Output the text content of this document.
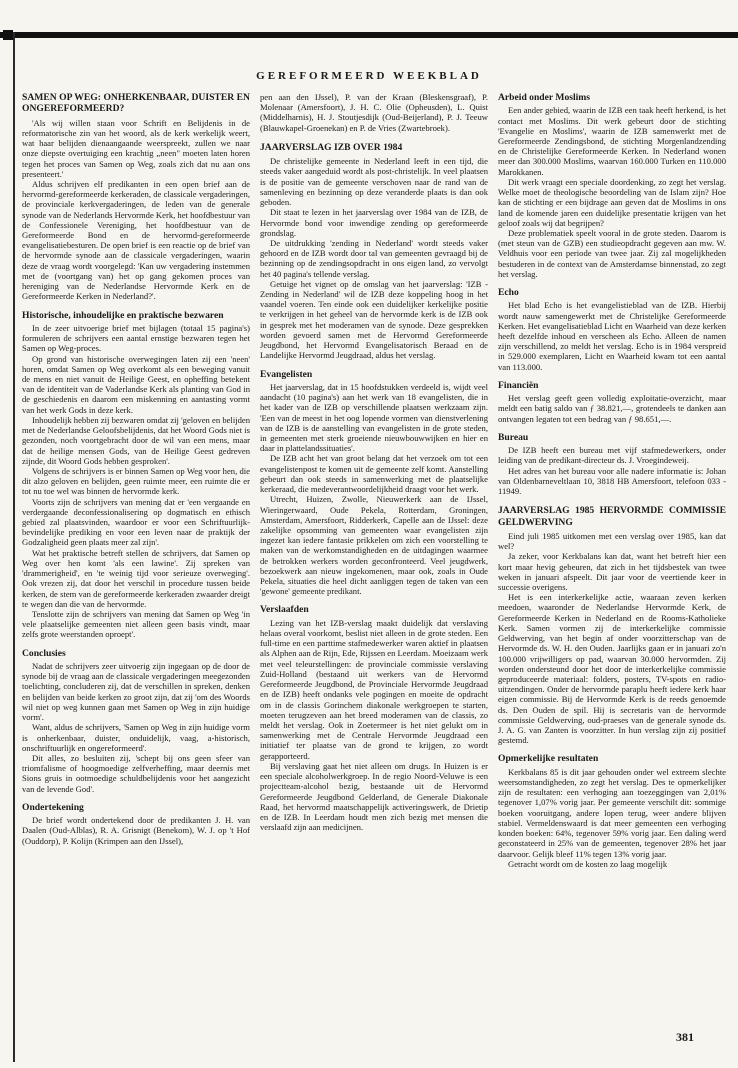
GEREFORMEERD WEEKBLAD
SAMEN OP WEG: ONHERKENBAAR, DUISTER EN ONGEREFORMEERD?

'Als wij willen staan voor Schrift en Belijdenis in de reformatorische zin van het woord, als de kerk werkelijk weert, wat haar belijden dienaangaande weerspreekt, zullen we naar onze diepste overtuiging een krachtig „neen" moeten laten horen tegen het proces van Samen op Weg, zoals zich dat nu aan ons presenteert.'

Aldus schrijven elf predikanten in een open brief aan de hervormd-gereformeerde kerkeraden, de classicale vergaderingen, de provinciale kerkvergaderingen, de leden van de generale synode van de Nederlands Hervormde Kerk, het hoofdbestuur van de Confessionele Vereniging, het hoofdbestuur van de Gereformeerde Bond en de hervormd-gereformeerde evangelisatiebesturen. De open brief is een reactie op de brief van de hervormde synode aan de classicale vergaderingen, waarin deze de vraag wordt voorgelegd: 'Kan uw vergadering instemmen met de (voortgang van) het op gang gekomen proces van hereniging van de Nederlandse Hervormde Kerk en de Gereformeerde Kerken in Nederland?'.

Historische, inhoudelijke en praktische bezwaren

In de zeer uitvoerige brief met bijlagen (totaal 15 pagina's) formuleren de schrijvers een aantal ernstige bezwaren tegen het Samen op Weg-proces.

Op grond van historische overwegingen laten zij een 'neen' horen, omdat Samen op Weg overkomt als een beweging vanuit de mens en niet vanuit de Heilige Geest, en opheffing betekent van de identiteit van de Vaderlandse Kerk als planting van God in de geschiedenis en daarom een miskenning en aantasting vormt van het werk Gods in deze kerk.

Inhoudelijk hebben zij bezwaren omdat zij 'geloven en belijden met de Nederlandse Geloofsbelijdenis, dat het Woord Gods niet is gezonden, noch voortgebracht door de wil van een mens, maar dat de heilige mensen Gods, van de Heilige Geest gedreven zijnde, dit Woord Gods hebben gesproken'.

Volgens de schrijvers is er binnen Samen op Weg voor hen, die dit alzo geloven en belijden, geen ruimte meer, een ruimte die er tot nu toe wel was binnen de hervormde kerk.

Voorts zijn de schrijvers van mening dat er 'een vergaande en verdergaande deconfessionalisering op dogmatisch en ethisch gebied zal plaatsvinden, waardoor er voor een Schriftuurlijk-bevindelijke prediking en voor een leven naar de praktijk der Godzaligheid geen plaats meer zal zijn'.

Wat het praktische betreft stellen de schrijvers, dat Samen op Weg over hen komt 'als een lawine'. Zij spreken van 'drammerigheid', en 'te weinig tijd voor serieuze overweging'. Ook vrezen zij, dat door het verschil in procedure tussen beide kerken, de stem van de gereformeerde kerkeraden zwaarder dreigt te wegen dan die van de hervormde.

Tenslotte zijn de schrijvers van mening dat Samen op Weg 'in vele plaatselijke gemeenten niet alleen geen basis vindt, maar zelfs grote weerstanden oproept'.

Conclusies

Nadat de schrijvers zeer uitvoerig zijn ingegaan op de door de synode bij de vraag aan de classicale vergaderingen meegezonden toelichting, concluderen zij, dat de verschillen in spreken, denken en belijden van beide kerken zo groot zijn, dat zij 'om des Woords wil niet op weg kunnen gaan met Samen op Weg in zijn huidige vorm'.

Want, aldus de schrijvers, 'Samen op Weg in zijn huidige vorm is onherkenbaar, duister, onduidelijk, vaag, a-historisch, onschriftuurlijk en ongereformeerd'.

Dit alles, zo besluiten zij, 'schept bij ons geen sfeer van triomfalisme of hoogmoedige zelfverheffing, maar deernis met Sions gruis in ootmoedige schuldbelijdenis voor het aangezicht van de levende God'.

Ondertekening

De brief wordt ondertekend door de predikanten J. H. van Daalen (Oud-Alblas), R. A. Grisnigt (Benekom), W. J. op 't Hof (Ouddorp), P. Kolijn (Krimpen aan den IJssel),

pen aan den IJssel), P. van der Kraan (Bleskensgraaf), P. Molenaar (Amersfoort), J. H. C. Olie (Opheusden), L. Quist (Middelharnis), H. J. Stoutjesdijk (Oud-Beijerland), P. J. Teeuw (Blauwkapel-Groenekan) en P. de Vries (Zwartebroek).

JAARVERSLAG IZB OVER 1984

De christelijke gemeente in Nederland leeft in een tijd, die steeds vaker aangeduid wordt als post-christelijk. In veel plaatsen is de positie van de gemeente verschoven naar de rand van de samenleving en bezinning op deze veranderde plaats is dan ook geboden.

Dit staat te lezen in het jaarverslag over 1984 van de IZB, de Hervormde bond voor inwendige zending op gereformeerde grondslag.

De uitdrukking 'zending in Nederland' wordt steeds vaker gehoord en de IZB wordt door tal van gemeenten gevraagd bij de bezinning op de zendingsopdracht in ons eigen land, zo vervolgt het 40 pagina's tellende verslag.

Getuige het vignet op de omslag van het jaarverslag: 'IZB - Zending in Nederland' wil de IZB deze koppeling hoog in het vaandel voeren. Ten einde ook een duidelijker kerkelijke positie te verkrijgen in het geheel van de hervormde kerk is de IZB ook in gesprek met het moderamen van de synode. Deze gesprekken worden gevoerd samen met de Hervormd Gereformeerde Jeugdbond, het Hervormd Evangelisatorisch Beraad en de Landelijke Hervormd Jeugdraad, aldus het verslag.

Evangelisten

Het jaarverslag, dat in 15 hoofdstukken verdeeld is, wijdt veel aandacht (10 pagina's) aan het werk van 18 evangelisten, die in het kader van de IZB op verschillende plaatsen werkzaam zijn. 'Een van de meest in het oog lopende vormen van dienstverlening van de IZB is de aanstelling van evangelisten in de grote steden, in gemeenten met sterk groeiende nieuwbouwwijken en hier en daar in plattelandssituaties'.

De IZB acht het van groot belang dat het verzoek om tot een evangelistenpost te komen uit de gemeente zelf komt. Aanstelling gebeurt dan ook steeds in samenwerking met de plaatselijke kerkeraad, die medeverantwoordelijkheid draagt voor het werk.

Utrecht, Huizen, Zwolle, Nieuwerkerk aan de IJssel, Wieringerwaard, Oude Pekela, Rotterdam, Groningen, Amsterdam, Amersfoort, Ridderkerk, Capelle aan de IJssel: deze zakelijke opsomming van gemeenten waar evangelisten zijn ingezet kan iedere fantasie prikkelen om zich een voorstelling te maken van de werkomstandigheden en de uitdagingen waarmee de betrokken werkers worden geconfronteerd. Veel jeugdwerk, bezoekwerk aan nieuw ingekomenen, maar ook, zoals in Oude Pekela, situaties die heel dicht aanliggen tegen de taken van een 'gewone' gemeente predikant.

Verslaafden

Lezing van het IZB-verslag maakt duidelijk dat verslaving helaas overal voorkomt, beslist niet alleen in de grote steden. Een full-time en een parttime stafmedewerker waren aktief in plaatsen als Alphen aan de Rijn, Ede, Rijssen en Leerdam. Moeizaam werk met veel teleurstellingen: de provinciale commissie verslaving Zuid-Holland (bestaand uit werkers van de Hervormd Gereformeerde Jeugdbond, de Provinciale Hervormde Jeugdraad en de IZB) heeft ondanks vele pogingen en moeite de opdracht om in de classis Gorinchem diakonale werkgroepen te starten, moeten terugzeven aan het breed moderamen van de classis, zo meldt het verslag. Ook in Zoetermeer is het niet gelukt om in samenwerking met de Centrale Hervormde Jeugdraad een initiatief ter plaatse van de grond te krijgen, zo wordt gerapporteerd.

Bij verslaving gaat het niet alleen om drugs. In Huizen is er een speciale alcoholwerkgroep. In de regio Noord-Veluwe is een projectteam-alcohol bezig, bestaande uit de Hervormd Gereformeerde Jeugdbond Gelderland, de Generale Diakonale Raad, het hervormd maatschappelijk activeringswerk, de Drietip en de IZB. In Leerdam houdt men zich bezig met mensen die verslaafd zijn aan medicijnen.

Arbeid onder Moslims

Een ander gebied, waarin de IZB een taak heeft herkend, is het contact met Moslims. Dit werk gebeurt door de stichting 'Evangelie en Moslims', waarin de IZB samenwerkt met de Gereformeerde Zendingsbond, de stichting Morgenlandzending en de Christelijke Gereformeerde Kerken. In Nederland wonen meer dan 300.000 Moslims, waarvan 160.000 Turken en 110.000 Marokkanen.

Dit werk vraagt een speciale doordenking, zo zegt het verslag. Welke moet de theologische beoordeling van de Islam zijn? Hoe kan de stichting er een bijdrage aan geven dat de Moslims in ons land de komende jaren een duidelijke presentatie krijgen van het geloof zoals wij dat begrijpen?

Deze problematiek speelt vooral in de grote steden. Daarom is (met steun van de GZB) een studieopdracht gegeven aan mw. W. Veldhuis voor een periode van twee jaar. Zij zal mogelijkheden bestuderen in de context van de Amsterdamse binnenstad, zo zegt het verslag.

Echo

Het blad Echo is het evangelistieblad van de IZB. Hierbij wordt nauw samengewerkt met de Christelijke Gereformeerde Kerken. Het evangelisatieblad Licht en Waarheid van deze kerken heeft dezelfde inhoud en verscheen als Echo. Alleen de namen zijn verschillend, zo meldt het verslag. Echo is in 1984 verspreid in 529.000 exemplaren, Licht en Waarheid kwam tot een aantal van 113.000.

Financiën

Het verslag geeft geen volledig exploitatie-overzicht, maar meldt een batig saldo van ƒ 38.821,—, grotendeels te danken aan ontvangen legaten tot een bedrag van ƒ 98.651,—.

Bureau

De IZB heeft een bureau met vijf stafmedewerkers, onder leiding van de predikant-directeur ds. J. Vroegindeweij.

Het adres van het bureau voor alle nadere informatie is: Johan van Oldenbarneveltlaan 10, 3818 HB Amersfoort, telefoon 033 - 11949.

JAARVERSLAG 1985 HERVORMDE COMMISSIE GELDWERVING

Eind juli 1985 uitkomen met een verslag over 1985, kan dat wel?

Ja zeker, voor Kerkbalans kan dat, want het betreft hier een kort maar hevig gebeuren, dat zich in het tijdsbestek van twee weken in januari afspeelt. Dit jaar voor de veertiende keer in successie overigens.

Het is een interkerkelijke actie, waaraan zeven kerken meedoen, waaronder de Nederlandse Hervormde Kerk, de Gereformeerde Kerken in Nederland en de Rooms-Katholieke Kerk. Samen vormen zij de interkerkelijke commissie Geldwerving, van het begin af onder voorzitterschap van de Hervormde ds. W. H. den Ouden. Jaarlijks gaan er in januari zo'n 100.000 vrijwilligers op pad, waarvan 30.000 hervormden. Zij worden ondersteund door het door de interkerkelijke commissie geproduceerde materiaal: folders, posters, TV-spots en radio-uitzendingen. Onder de hervormde paraplu heeft iedere kerk haar eigen commissie. Bij de Hervormde Kerk is de reeds genoemde ds. Den Ouden de spil. Hij is secretaris van de hervormde commissie Geldwerving, oud-praeses van de generale synode ds. J. A. G. van Zanten is voorzitter. In hun verslag zijn zij positief gestemd.

Opmerkelijke resultaten

Kerkbalans 85 is dit jaar gehouden onder wel extreem slechte weersomstandigheden, zo zegt het verslag. Des te opmerkelijker zijn de resultaten: een verhoging aan toezeggingen van 2,01% tegenover 1,07% vorig jaar. Per gemeente verschilt dit: sommige boeken vooruitgang, andere lopen terug, weer andere blijven stabiel. Vermeldenswaard is dat meer gemeenten een verhoging konden boeken: 64%, tegenover 59% vorig jaar. Een daling werd geconstateerd in 25% van de gemeenten, tegenover 28% het jaar daarvoor. Gelijk bleef 11% tegen 13% vorig jaar.

Getracht wordt om de kosten zo laag mogelijk

381
